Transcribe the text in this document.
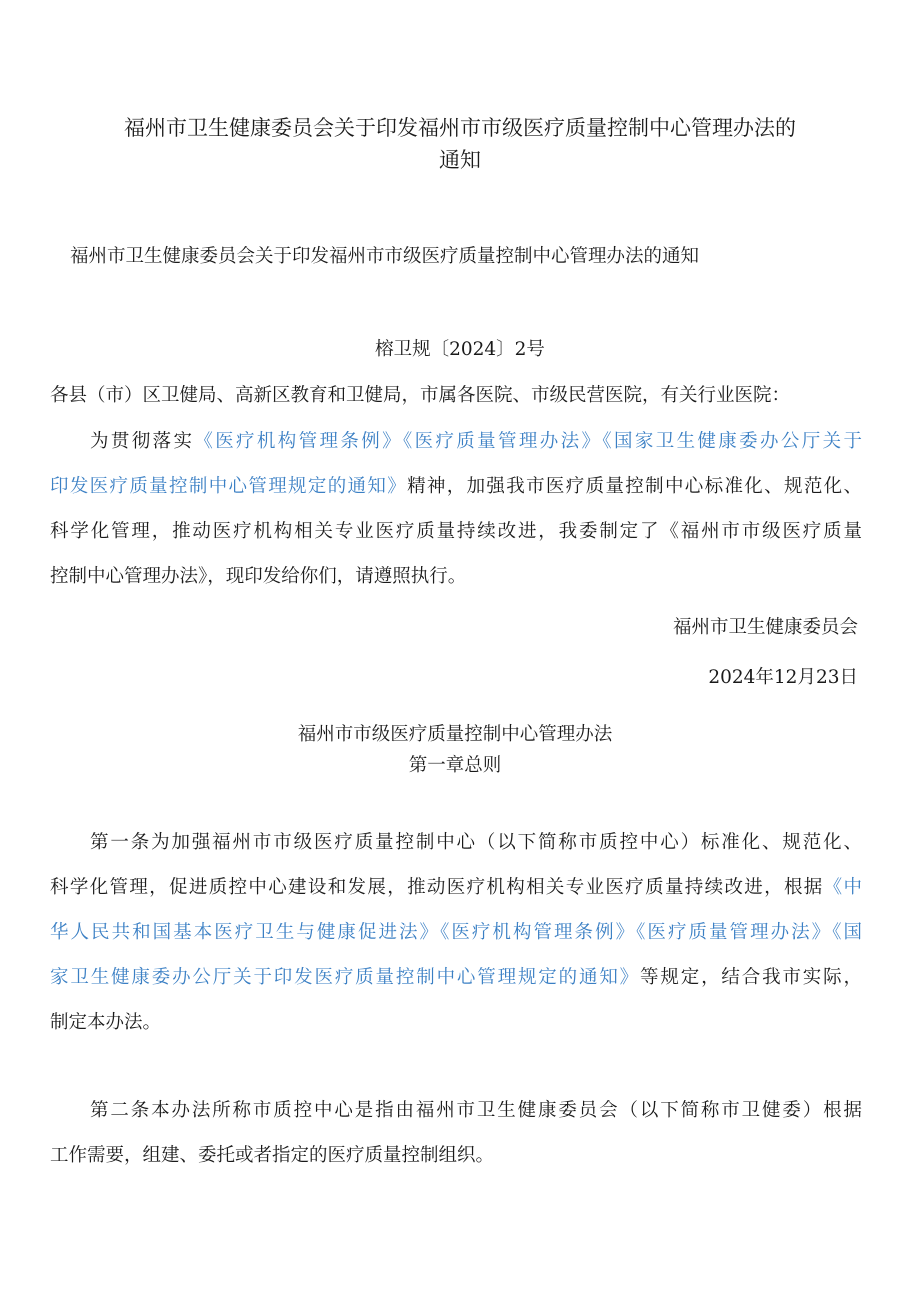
福州市卫生健康委员会关于印发福州市市级医疗质量控制中心管理办法的
通知
福州市卫生健康委员会关于印发福州市市级医疗质量控制中心管理办法的通知
榕卫规〔2024〕2号
各县（市）区卫健局、高新区教育和卫健局，市属各医院、市级民营医院，有关行业医院：
为贯彻落实《医疗机构管理条例》《医疗质量管理办法》《国家卫生健康委办公厅关于
印发医疗质量控制中心管理规定的通知》精神，加强我市医疗质量控制中心标准化、规范化、
科学化管理，推动医疗机构相关专业医疗质量持续改进，我委制定了《福州市市级医疗质量
控制中心管理办法》，现印发给你们，请遵照执行。
福州市卫生健康委员会
2024年12月23日
福州市市级医疗质量控制中心管理办法
第一章总则
第一条为加强福州市市级医疗质量控制中心（以下简称市质控中心）标准化、规范化、
科学化管理，促进质控中心建设和发展，推动医疗机构相关专业医疗质量持续改进，根据《中
华人民共和国基本医疗卫生与健康促进法》《医疗机构管理条例》《医疗质量管理办法》《国
家卫生健康委办公厅关于印发医疗质量控制中心管理规定的通知》等规定，结合我市实际，
制定本办法。
第二条本办法所称市质控中心是指由福州市卫生健康委员会（以下简称市卫健委）根据
工作需要，组建、委托或者指定的医疗质量控制组织。
